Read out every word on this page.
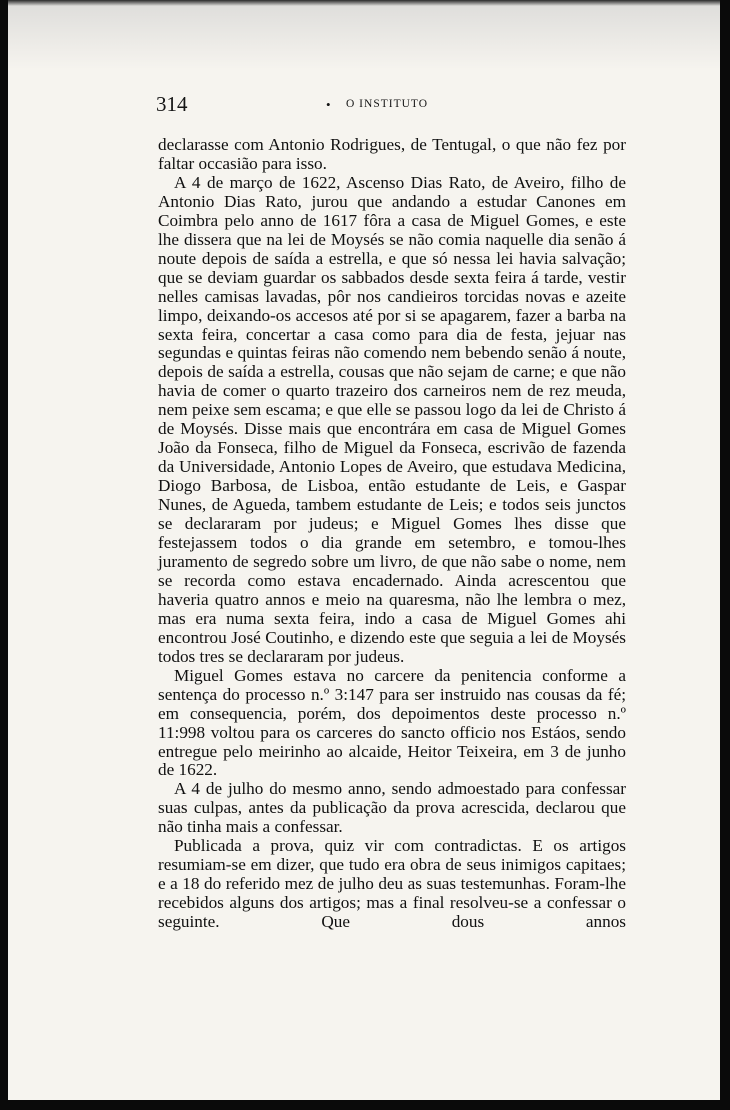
314	• O INSTITUTO

declarasse com Antonio Rodrigues, de Tentugal, o que não fez por faltar occasião para isso.

A 4 de março de 1622, Ascenso Dias Rato, de Aveiro, filho de Antonio Dias Rato, jurou que andando a estudar Canones em Coimbra pelo anno de 1617 fôra a casa de Miguel Gomes, e este lhe dissera que na lei de Moysés se não comia naquelle dia senão á noute depois de saída a estrella, e que só nessa lei havia salvação; que se deviam guardar os sabbados desde sexta feira á tarde, vestir nelles camisas lavadas, pôr nos candieiros torcidas novas e azeite limpo, deixando-os accesos até por si se apagarem, fazer a barba na sexta feira, concertar a casa como para dia de festa, jejuar nas segundas e quintas feiras não comendo nem bebendo senão á noute, depois de saída a estrella, cousas que não sejam de carne; e que não havia de comer o quarto trazeiro dos carneiros nem de rez meuda, nem peixe sem escama; e que elle se passou logo da lei de Christo á de Moysés. Disse mais que encontrára em casa de Miguel Gomes João da Fonseca, filho de Miguel da Fonseca, escrivão de fazenda da Universidade, Antonio Lopes de Aveiro, que estudava Medicina, Diogo Barbosa, de Lisboa, então estudante de Leis, e Gaspar Nunes, de Agueda, tambem estudante de Leis; e todos seis junctos se declararam por judeus; e Miguel Gomes lhes disse que festejassem todos o dia grande em setembro, e tomou-lhes juramento de segredo sobre um livro, de que não sabe o nome, nem se recorda como estava encadernado. Ainda acrescentou que haveria quatro annos e meio na quaresma, não lhe lembra o mez, mas era numa sexta feira, indo a casa de Miguel Gomes ahi encontrou José Coutinho, e dizendo este que seguia a lei de Moysés todos tres se declararam por judeus.

Miguel Gomes estava no carcere da penitencia conforme a sentença do processo n.º 3:147 para ser instruido nas cousas da fé; em consequencia, porém, dos depoimentos deste processo n.º 11:998 voltou para os carceres do sancto officio nos Estáos, sendo entregue pelo meirinho ao alcaide, Heitor Teixeira, em 3 de junho de 1622.

A 4 de julho do mesmo anno, sendo admoestado para confessar suas culpas, antes da publicação da prova acrescida, declarou que não tinha mais a confessar.

Publicada a prova, quiz vir com contradictas. E os artigos resumiam-se em dizer, que tudo era obra de seus inimigos capitaes; e a 18 do referido mez de julho deu as suas testemunhas. Foram-lhe recebidos alguns dos artigos; mas a final resolveu-se a confessar o seguinte. Que dous annos
